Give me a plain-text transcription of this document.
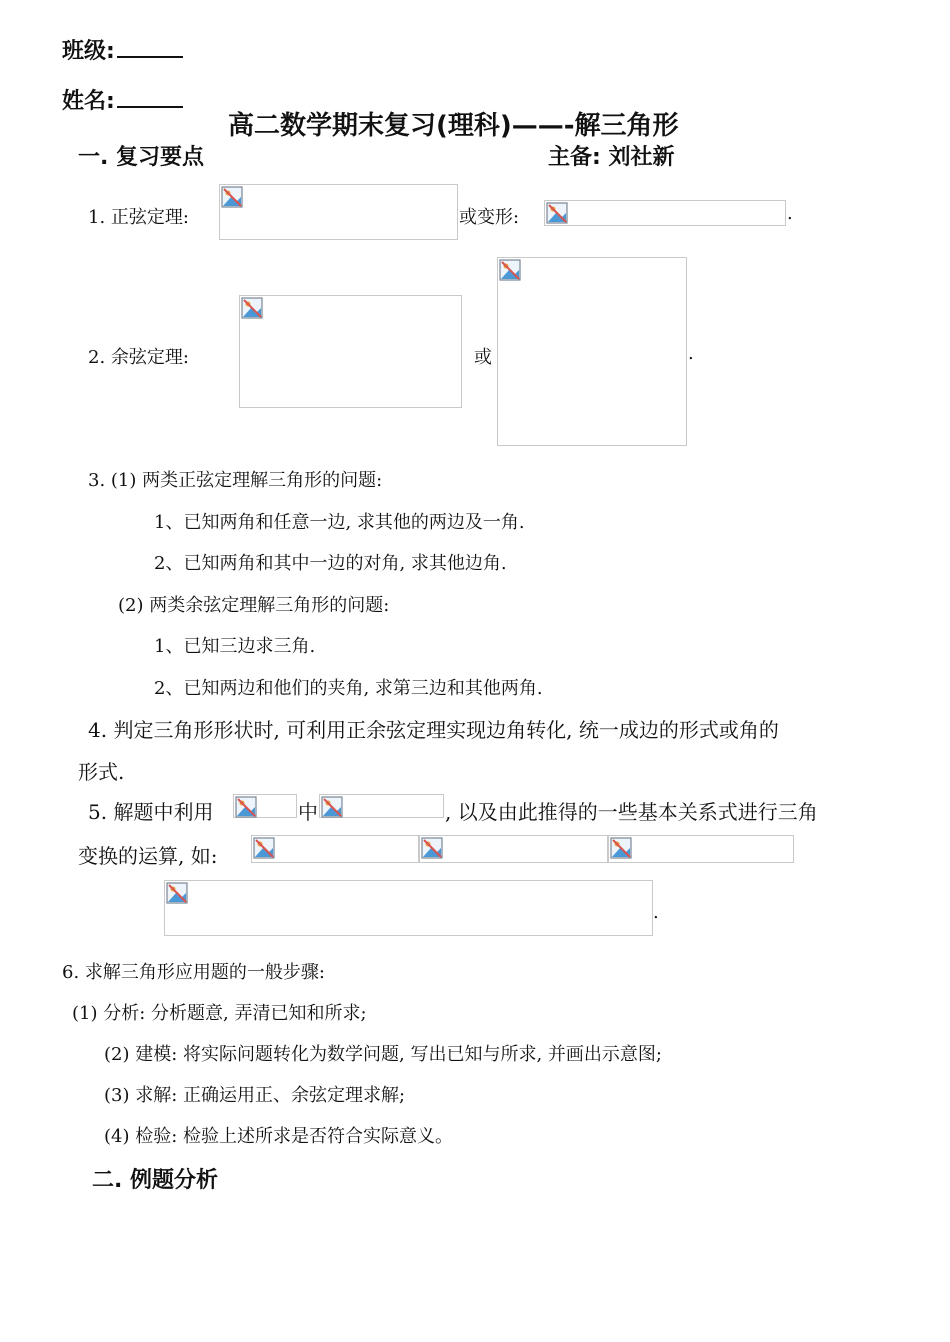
班级:
姓名:
高二数学期末复习(理科)——-解三角形
一. 复习要点	主备: 刘社新
1. 正弦定理:	或变形:	.
2. 余弦定理:	或	.
3. (1) 两类正弦定理解三角形的问题:
1、已知两角和任意一边, 求其他的两边及一角.
2、已知两角和其中一边的对角, 求其他边角.
(2) 两类余弦定理解三角形的问题:
1、已知三边求三角.
2、已知两边和他们的夹角, 求第三边和其他两角.
4. 判定三角形形状时, 可利用正余弦定理实现边角转化, 统一成边的形式或角的
形式.
5. 解题中利用	中	, 以及由此推得的一些基本关系式进行三角
变换的运算, 如:
.
6. 求解三角形应用题的一般步骤:
(1) 分析: 分析题意, 弄清已知和所求;
(2) 建模: 将实际问题转化为数学问题, 写出已知与所求, 并画出示意图;
(3) 求解: 正确运用正、余弦定理求解;
(4) 检验: 检验上述所求是否符合实际意义。
二. 例题分析
